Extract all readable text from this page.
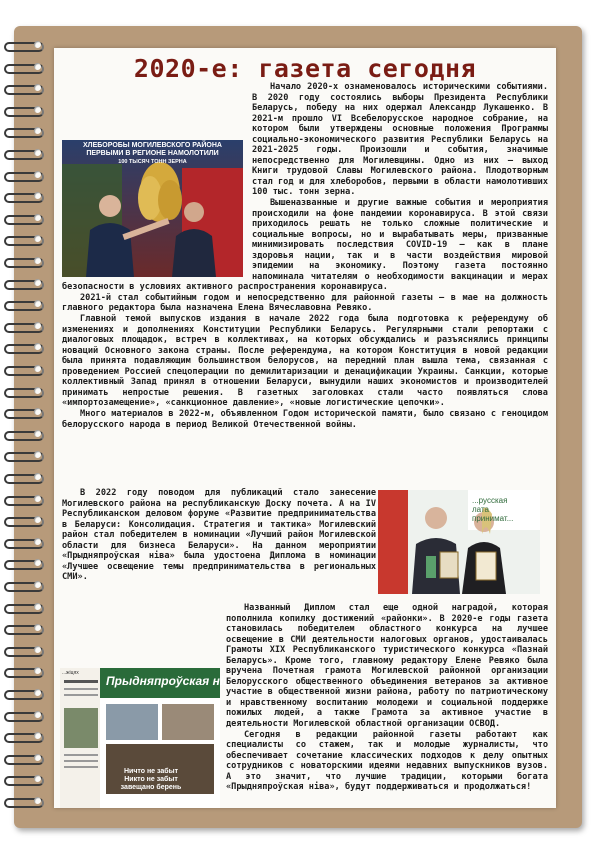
2020-е: газета сегодня
ХЛЕБОРОБЫ МОГИЛЕВСКОГО РАЙОНА
ПЕРВЫМИ В РЕГИОНЕ НАМОЛОТИЛИ

100 ТЫСЯЧ ТОНН ЗЕРНА
...русская
лата
принимат...
...жіцях
Прыдняпроўская ніва
Ничто не забыт
Никто не забыт
завещано берень

Начало 2020-х ознаменовалось историческими событиями. В 2020 году состоялись выборы Президента Республики Беларусь, победу на них одержал Александр Лукашенко. В 2021-м прошло VI Всебелорусское народное собрание, на котором были утверждены основные положения Программы социально-экономического развития Республики Беларусь на 2021-2025 годы. Произошли и события, значимые непосредственно для Могилевщины. Одно из них – выход Книги трудовой Славы Могилевского района. Плодотворным стал год и для хлеборобов, первыми в области намолотивших 100 тыс. тонн зерна.

Вышеназванные и другие важные события и мероприятия происходили на фоне пандемии коронавируса. В этой связи приходилось решать не только сложные политические и социальные вопросы, но и вырабатывать меры, призванные минимизировать последствия COVID-19 – как в плане здоровья нации, так и в части воздействия мировой эпидемии на экономику. Поэтому газета постоянно напоминала читателям о необходимости вакцинации и мерах безопасности в условиях активного распространения коронавируса.

2021-й стал событийным годом и непосредственно для районной газеты – в мае на должность главного редактора была назначена Елена Вячеславовна Ревяко.

Главной темой выпусков издания в начале 2022 года была подготовка к референдуму об изменениях и дополнениях Конституции Республики Беларусь. Регулярными стали репортажи с диалоговых площадок, встреч в коллективах, на которых обсуждались и разъяснялись принципы новаций Основного закона страны. После референдума, на котором Конституция в новой редакции была принята подавляющим большинством белорусов, на передний план вышла тема, связанная с проведением Россией спецоперации по демилитаризации и денацификации Украины. Санкции, которые коллективный Запад принял в отношении Беларуси, вынудили наших экономистов и производителей принимать непростые решения. В газетных заголовках стали часто появляться слова «импортозамещение», «санкционное давление», «новые логистические цепочки».

Много материалов в 2022-м, объявленном Годом исторической памяти, было связано с геноцидом белорусского народа в период Великой Отечественной войны.

В 2022 году поводом для публикаций стало занесение Могилевского района на республиканскую Доску почета. А на IV Республиканском деловом форуме «Развитие предпринимательства в Беларуси: Консолидация. Стратегия и тактика» Могилевский район стал победителем в номинации «Лучший район Могилевской области для бизнеса Беларуси». На данном мероприятии «Прыдняпроўская ніва» была удостоена Диплома в номинации «Лучшее освещение темы предпринимательства в региональных СМИ».

Названный Диплом стал еще одной наградой, которая пополнила копилку достижений «районки». В 2020-е годы газета становилась победителем областного конкурса на лучшее освещение в СМИ деятельности налоговых органов, удостаивалась Грамоты XIX Республиканского туристического конкурса «Пазнай Беларусь». Кроме того, главному редактору Елене Ревяко была вручена Почетная грамота Могилевской районной организации Белорусского общественного объединения ветеранов за активное участие в общественной жизни района, работу по патриотическому и нравственному воспитанию молодежи и социальной поддержке пожилых людей, а также Грамота за активное участие в деятельности Могилевской областной организации ОСВОД.

Сегодня в редакции районной газеты работают как специалисты со стажем, так и молодые журналисты, что обеспечивает сочетание классических подходов к делу опытных сотрудников с новаторскими идеями недавних выпускников вузов. А это значит, что лучшие традиции, которыми богата «Прыдняпроўская ніва», будут поддерживаться и продолжаться!
